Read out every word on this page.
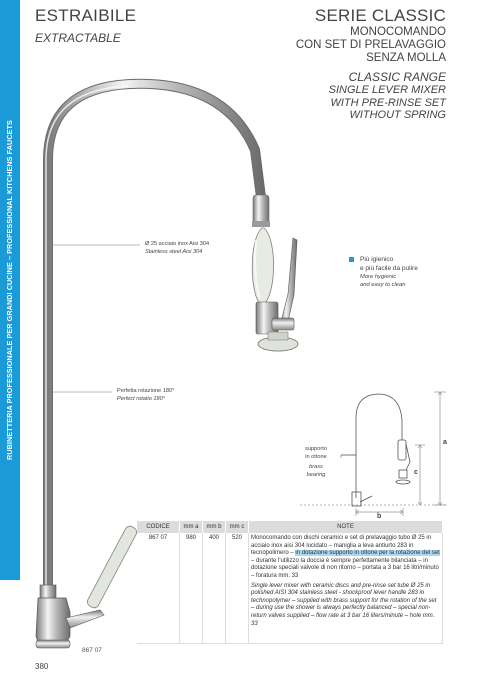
RUBINETTERIA PROFESSIONALE PER GRANDI CUCINE – PROFESSIONAL KITCHENS FAUCETS
ESTRAIBILE
EXTRACTABLE
SERIE CLASSIC
MONOCOMANDO
CON SET DI PRELAVAGGIO
SENZA MOLLA
CLASSIC RANGE
SINGLE LEVER MIXER
WITH PRE-RINSE SET
WITHOUT SPRING
a
c
b
Ø 25 acciaio inox Aisi 304
Stainless steel Aisi 304
Perfetta rotazione 180°
Perfect rotatio 180°
supporto
in ottone
brass
bearing
Più igienico
e più facile da pulire
More hygienic
and easy to clean
CODICE	mm a	mm b	mm c	NOTE
867 07	980	400	520	Monocomando con dischi ceramici e set di prelavaggio tubo Ø 25 in acciaio inox aisi 304 lucidato – maniglia a leva antiurto 283 in tecnopolimero – in dotazione supporto in ottone per la rotazione del set – durante l'utilizzo la doccia è sempre perfettamente bilanciata – in dotazione speciali valvole di non ritorno – portata a 3 bar 16 litri/minuto – foratura mm. 33
Single lever mixer with ceramic discs and pre-rinse set tube Ø 25 in polished AISI 304 stainless steel - shockproof lever handle 283 in technopolymer – supplied with brass support for the rotation of the set – during use the shower is always perfectly balanced – special non-return valves supplied – flow rate at 3 bar 16 liters/minute – hole mm. 33
867 07
380
